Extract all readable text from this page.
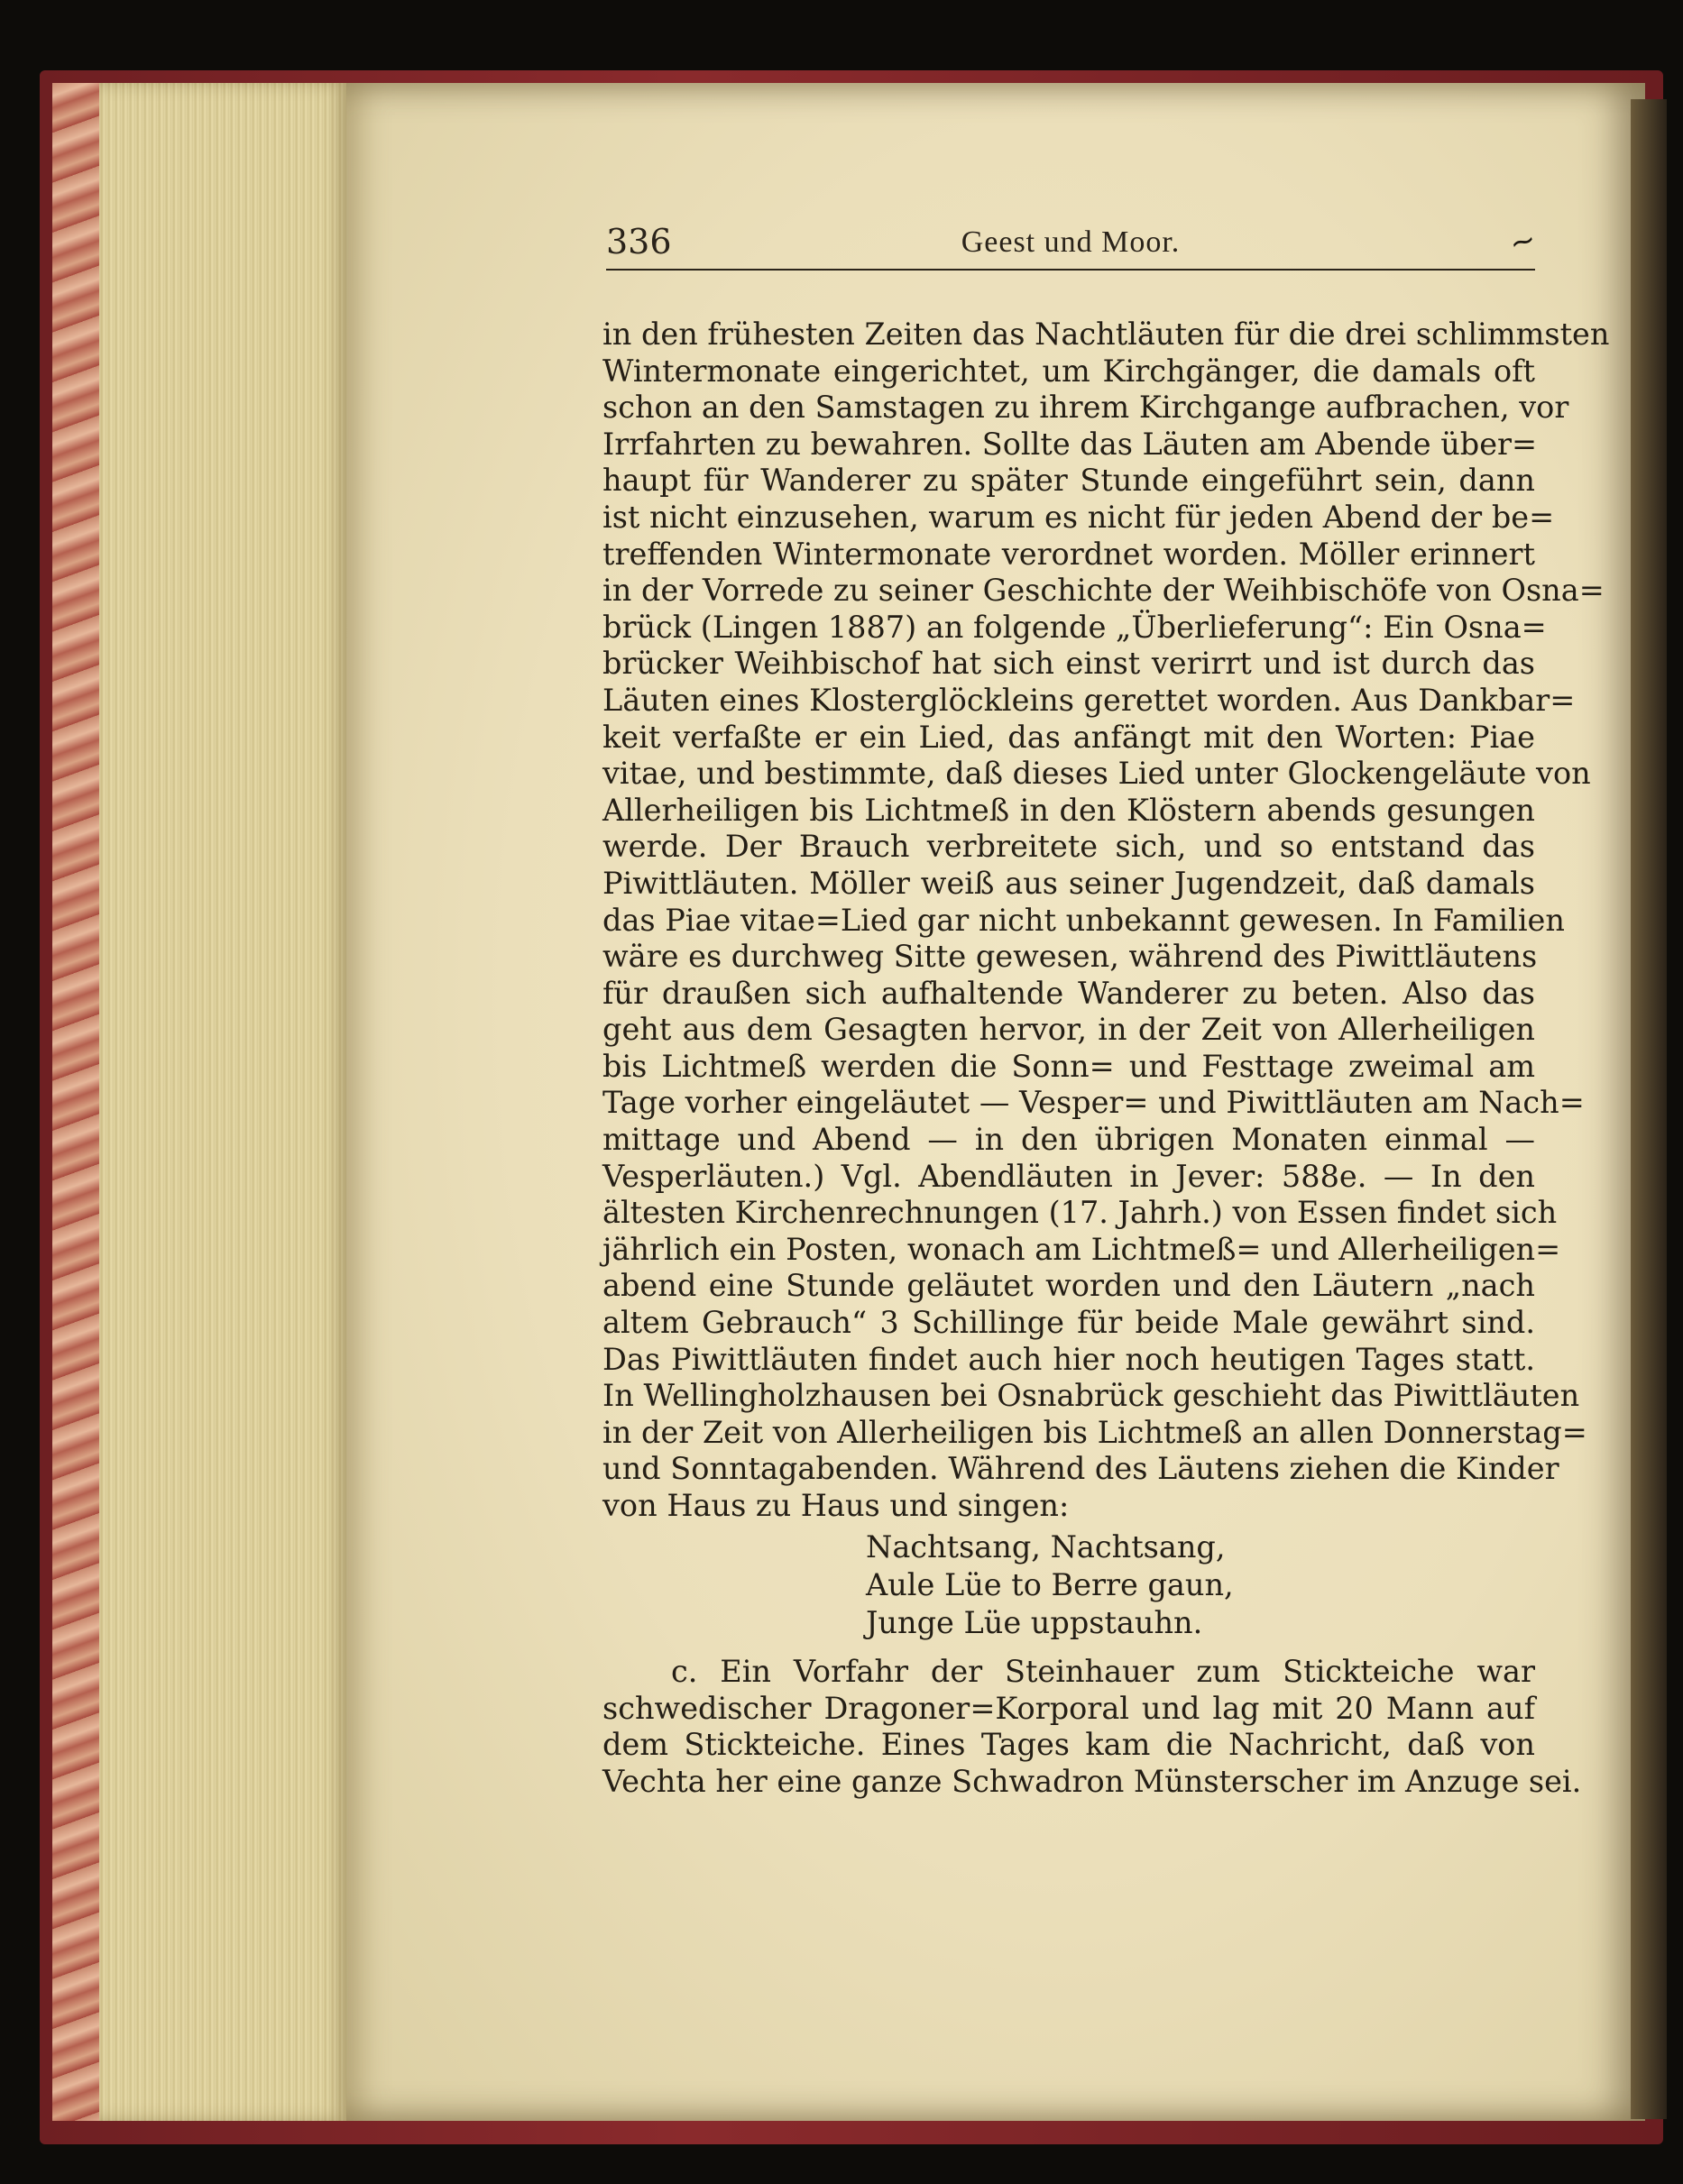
336	Geest und Moor.	~
in den frühesten Zeiten das Nachtläuten für die drei schlimmsten
Wintermonate eingerichtet, um Kirchgänger, die damals oft
schon an den Samstagen zu ihrem Kirchgange aufbrachen, vor
Irrfahrten zu bewahren. Sollte das Läuten am Abende über=
haupt für Wanderer zu später Stunde eingeführt sein, dann
ist nicht einzusehen, warum es nicht für jeden Abend der be=
treffenden Wintermonate verordnet worden. Möller erinnert
in der Vorrede zu seiner Geschichte der Weihbischöfe von Osna=
brück (Lingen 1887) an folgende „Überlieferung“: Ein Osna=
brücker Weihbischof hat sich einst verirrt und ist durch das
Läuten eines Klosterglöckleins gerettet worden. Aus Dankbar=
keit verfaßte er ein Lied, das anfängt mit den Worten: Piae
vitae, und bestimmte, daß dieses Lied unter Glockengeläute von
Allerheiligen bis Lichtmeß in den Klöstern abends gesungen
werde. Der Brauch verbreitete sich, und so entstand das
Piwittläuten. Möller weiß aus seiner Jugendzeit, daß damals
das Piae vitae=Lied gar nicht unbekannt gewesen. In Familien
wäre es durchweg Sitte gewesen, während des Piwittläutens
für draußen sich aufhaltende Wanderer zu beten. Also das
geht aus dem Gesagten hervor, in der Zeit von Allerheiligen
bis Lichtmeß werden die Sonn= und Festtage zweimal am
Tage vorher eingeläutet — Vesper= und Piwittläuten am Nach=
mittage und Abend — in den übrigen Monaten einmal —
Vesperläuten.) Vgl. Abendläuten in Jever: 588e. — In den
ältesten Kirchenrechnungen (17. Jahrh.) von Essen findet sich
jährlich ein Posten, wonach am Lichtmeß= und Allerheiligen=
abend eine Stunde geläutet worden und den Läutern „nach
altem Gebrauch“ 3 Schillinge für beide Male gewährt sind.
Das Piwittläuten findet auch hier noch heutigen Tages statt.
In Wellingholzhausen bei Osnabrück geschieht das Piwittläuten
in der Zeit von Allerheiligen bis Lichtmeß an allen Donnerstag=
und Sonntagabenden. Während des Läutens ziehen die Kinder
von Haus zu Haus und singen:
Nachtsang, Nachtsang,
Aule Lüe to Berre gaun,
Junge Lüe uppstauhn.
c. Ein Vorfahr der Steinhauer zum Stickteiche war
schwedischer Dragoner=Korporal und lag mit 20 Mann auf
dem Stickteiche. Eines Tages kam die Nachricht, daß von
Vechta her eine ganze Schwadron Münsterscher im Anzuge sei.
